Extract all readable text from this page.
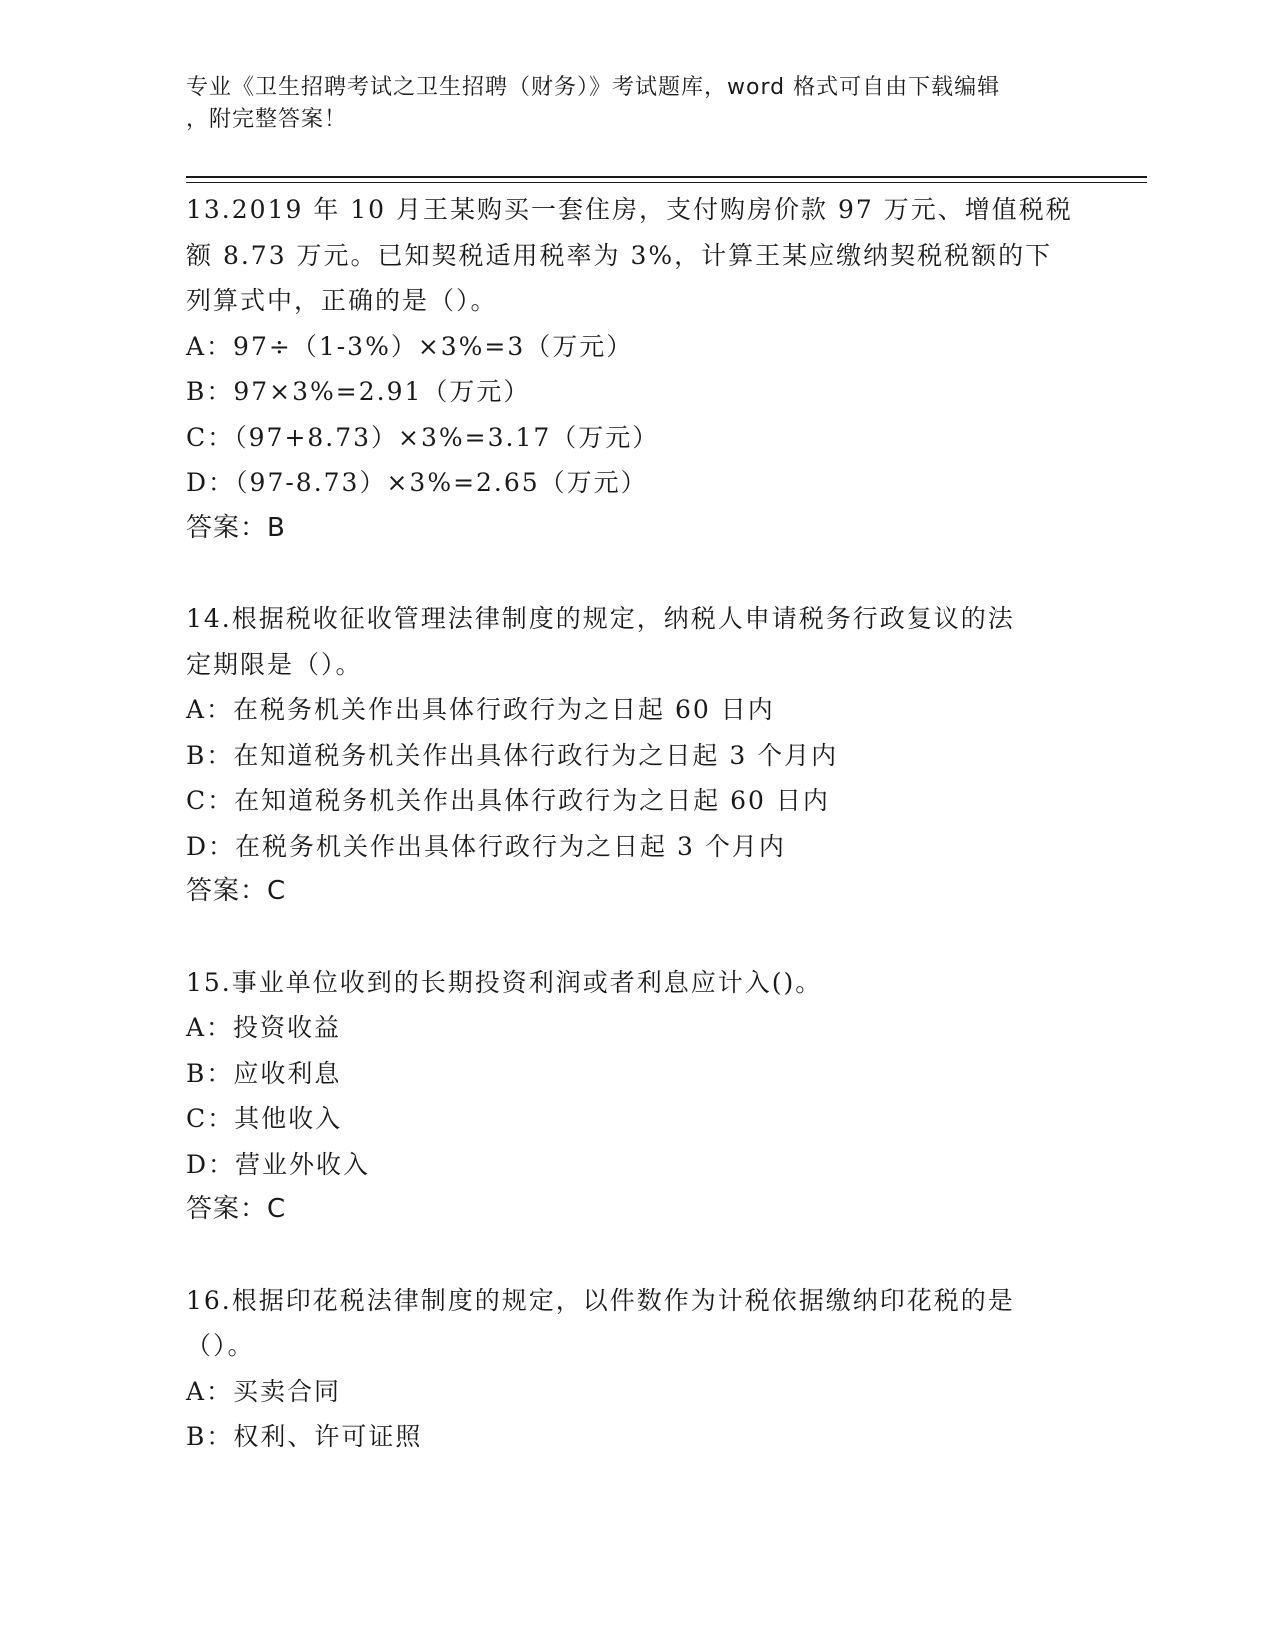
专业《卫生招聘考试之卫生招聘（财务）》考试题库，word 格式可自由下载编辑
，附完整答案！
13.2019 年 10 月王某购买一套住房，支付购房价款 97 万元、增值税税
额 8.73 万元。已知契税适用税率为 3%，计算王某应缴纳契税税额的下
列算式中，正确的是（）。
A：97÷（1-3%）×3%=3（万元）
B：97×3%=2.91（万元）
C：（97+8.73）×3%=3.17（万元）
D：（97-8.73）×3%=2.65（万元）
答案：B
14.根据税收征收管理法律制度的规定，纳税人申请税务行政复议的法
定期限是（）。
A：在税务机关作出具体行政行为之日起 60 日内
B：在知道税务机关作出具体行政行为之日起 3 个月内
C：在知道税务机关作出具体行政行为之日起 60 日内
D：在税务机关作出具体行政行为之日起 3 个月内
答案：C
15.事业单位收到的长期投资利润或者利息应计入()。
A：投资收益
B：应收利息
C：其他收入
D：营业外收入
答案：C
16.根据印花税法律制度的规定，以件数作为计税依据缴纳印花税的是
（）。
A：买卖合同
B：权利、许可证照
